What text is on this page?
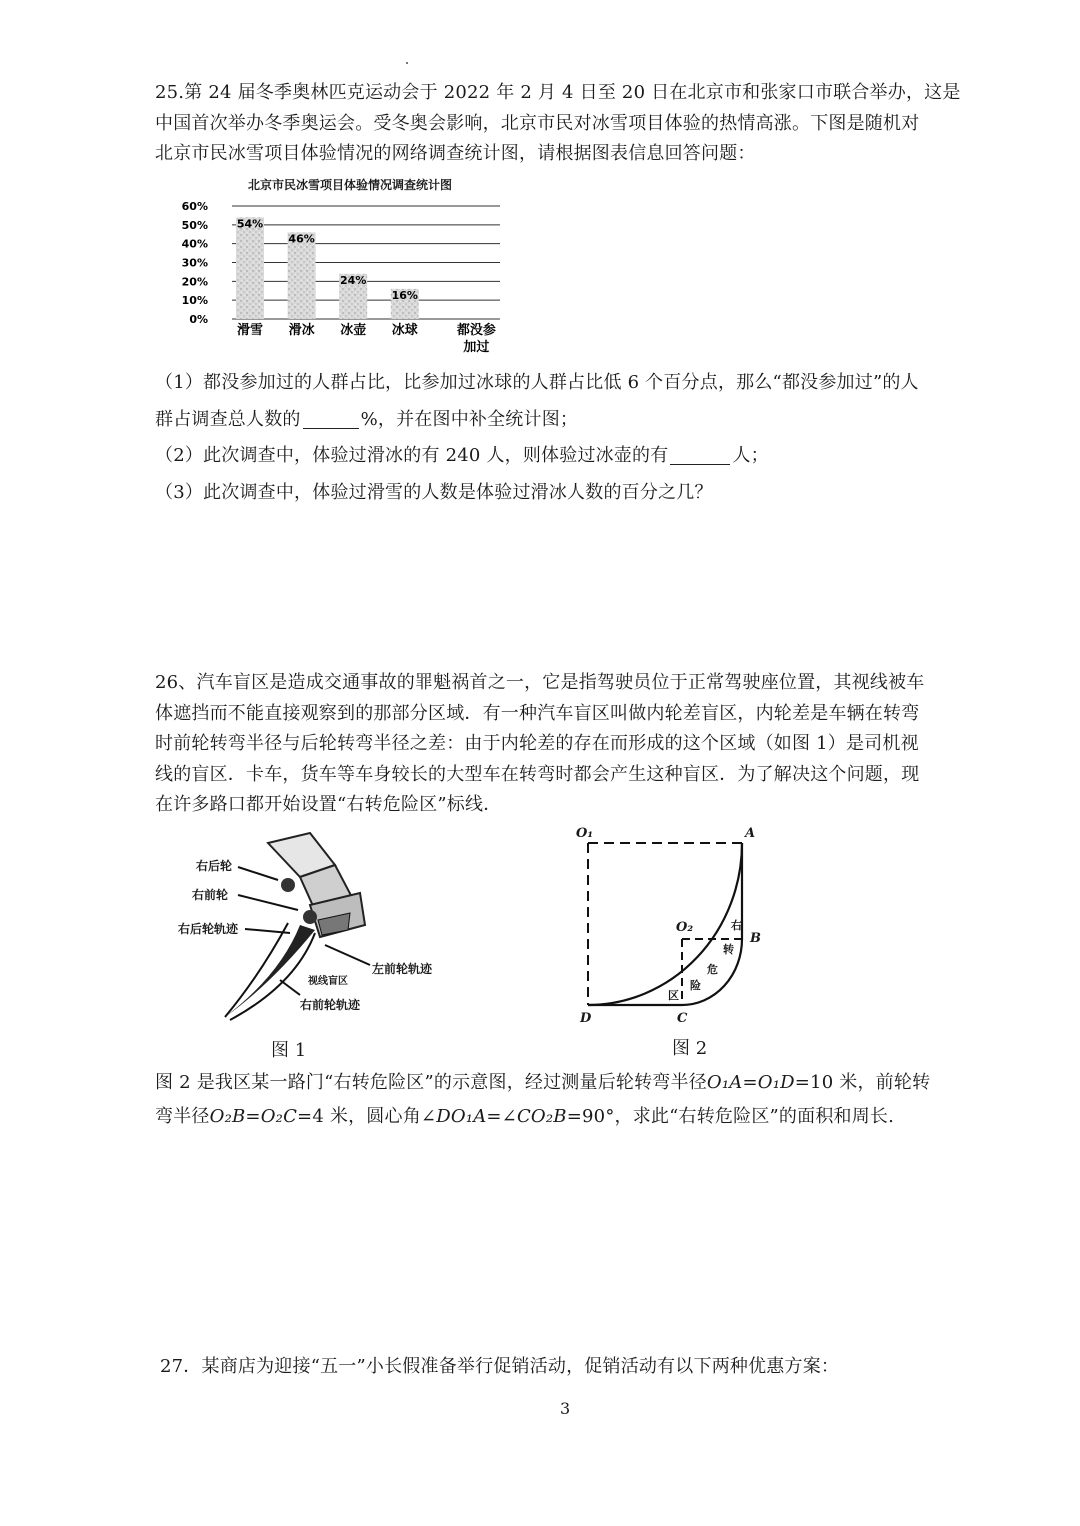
25.第 24 届冬季奥林匹克运动会于 2022 年 2 月 4 日至 20 日在北京市和张家口市联合举办，这是
中国首次举办冬季奥运会。受冬奥会影响，北京市民对冰雪项目体验的热情高涨。下图是随机对
北京市民冰雪项目体验情况的网络调查统计图，请根据图表信息回答问题：
北京市民冰雪项目体验情况调查统计图
0%
10%
20%
30%
40%
50%
60%
54%
46%
24%
16%
滑雪 滑冰 冰壶 冰球	都没参
加过
（1）都没参加过的人群占比，比参加过冰球的人群占比低 6 个百分点，那么“都没参加过”的人
群占调查总人数的	%，并在图中补全统计图；
（2）此次调查中，体验过滑冰的有 240 人，则体验过冰壶的有	人；
（3）此次调查中，体验过滑雪的人数是体验过滑冰人数的百分之几？
26、汽车盲区是造成交通事故的罪魁祸首之一，它是指驾驶员位于正常驾驶座位置，其视线被车
体遮挡而不能直接观察到的那部分区域．有一种汽车盲区叫做内轮差盲区，内轮差是车辆在转弯
时前轮转弯半径与后轮转弯半径之差：由于内轮差的存在而形成的这个区域（如图 1）是司机视
线的盲区．卡车，货车等车身较长的大型车在转弯时都会产生这种盲区．为了解决这个问题，现
在许多路口都开始设置“右转危险区”标线．
右后轮
右前轮
右后轮轨迹
左前轮轨迹
视线盲区
右前轮轨迹
图 1
O₁	A
O₂
B
D	C
右
转
危
险
区
图 2
图 2 是我区某一路门“右转危险区”的示意图，经过测量后轮转弯半径O₁A=O₁D=10 米，前轮转
弯半径O₂B=O₂C=4 米，圆心角∠DO₁A=∠CO₂B=90°，求此“右转危险区”的面积和周长.
27．某商店为迎接“五一”小长假准备举行促销活动，促销活动有以下两种优惠方案：
3
